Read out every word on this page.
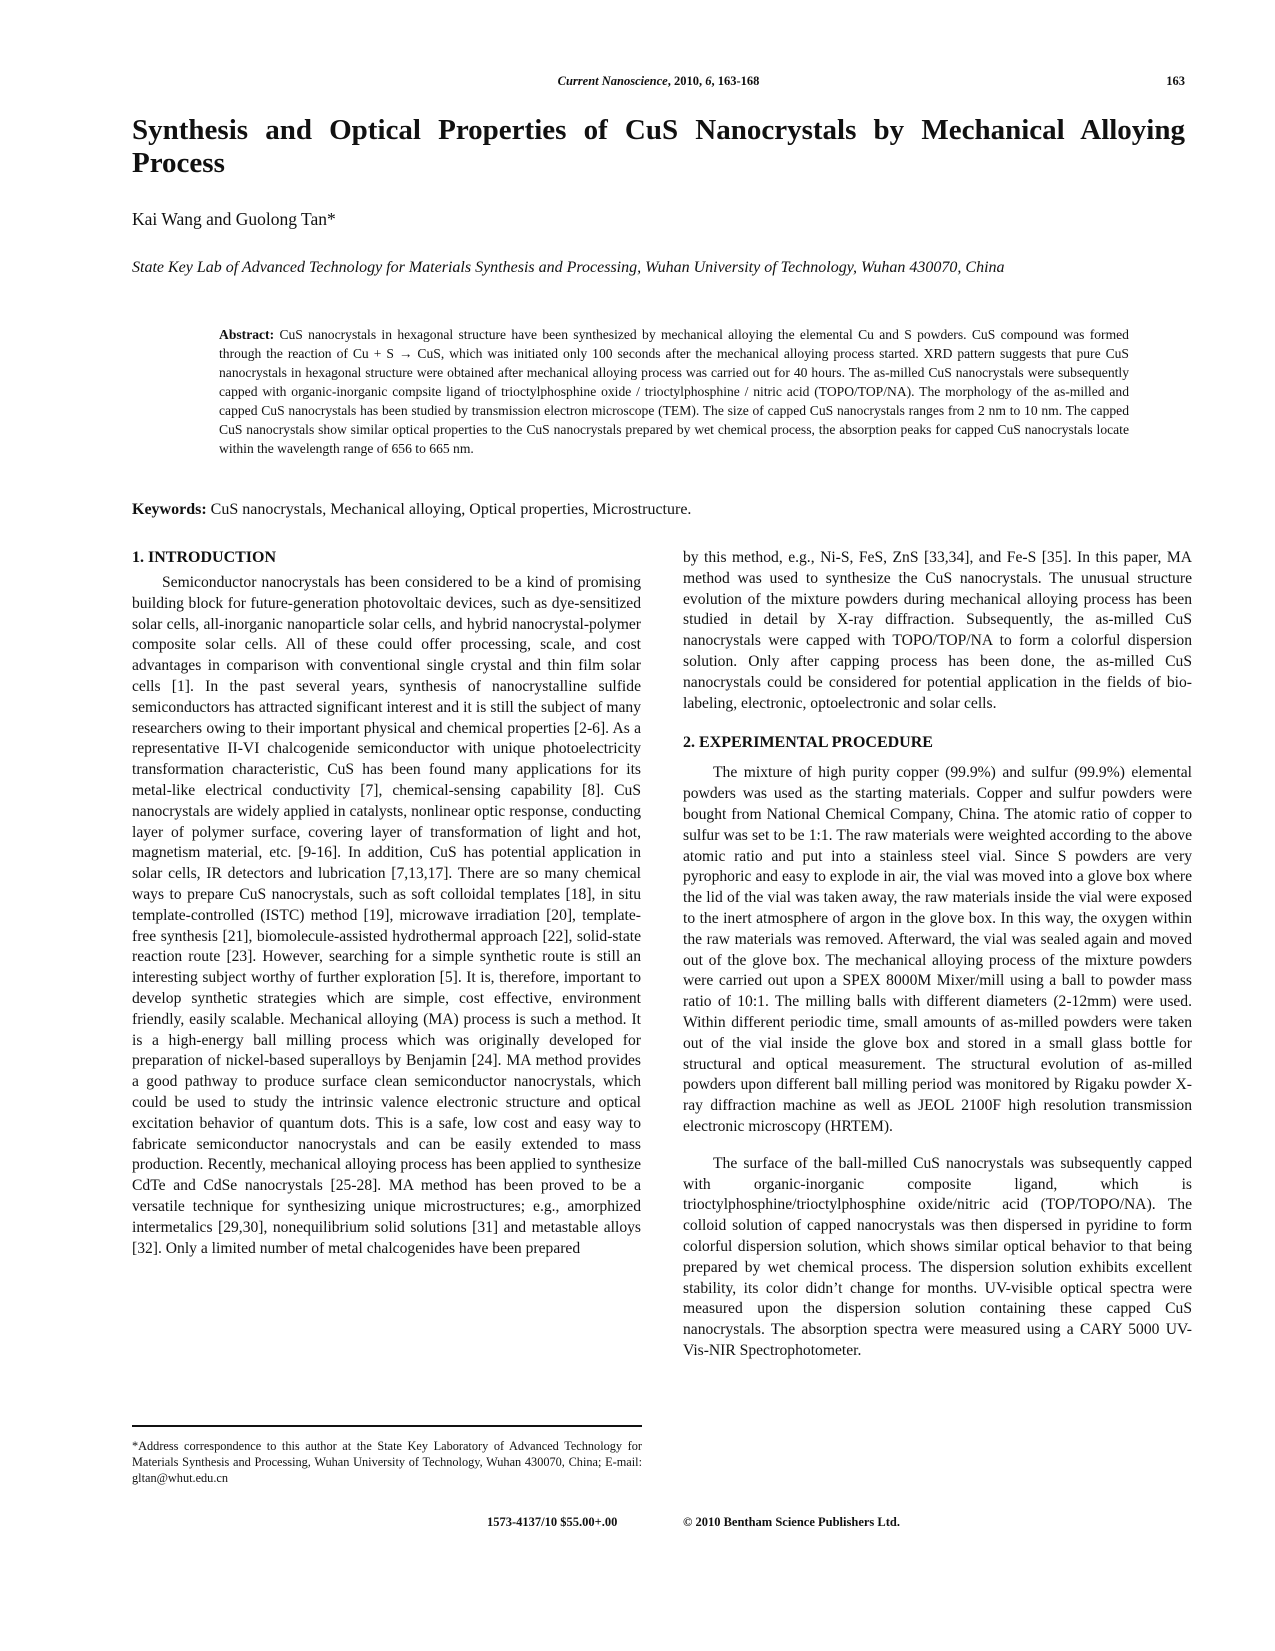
Current Nanoscience, 2010, 6, 163-168	163
Synthesis and Optical Properties of CuS Nanocrystals by Mechanical Alloying Process
Kai Wang and Guolong Tan*
State Key Lab of Advanced Technology for Materials Synthesis and Processing, Wuhan University of Technology, Wuhan 430070, China

Abstract: CuS nanocrystals in hexagonal structure have been synthesized by mechanical alloying the elemental Cu and S powders. CuS compound was formed through the reaction of Cu + S → CuS, which was initiated only 100 seconds after the mechanical alloying process started. XRD pattern suggests that pure CuS nanocrystals in hexagonal structure were obtained after mechanical alloying process was carried out for 40 hours. The as-milled CuS nanocrystals were subsequently capped with organic-inorganic compsite ligand of trioctylphosphine oxide / trioctylphosphine / nitric acid (TOPO/TOP/NA). The morphology of the as-milled and capped CuS nanocrystals has been studied by transmission electron microscope (TEM). The size of capped CuS nanocrystals ranges from 2 nm to 10 nm. The capped CuS nanocrystals show similar optical properties to the CuS nanocrystals prepared by wet chemical process, the absorption peaks for capped CuS nanocrystals locate within the wavelength range of 656 to 665 nm.

Keywords: CuS nanocrystals, Mechanical alloying, Optical properties, Microstructure.
1. INTRODUCTION

Semiconductor nanocrystals has been considered to be a kind of promising building block for future-generation photovoltaic devices, such as dye-sensitized solar cells, all-inorganic nanoparticle solar cells, and hybrid nanocrystal-polymer composite solar cells. All of these could offer processing, scale, and cost advantages in comparison with conventional single crystal and thin film solar cells [1]. In the past several years, synthesis of nanocrystalline sulfide semiconductors has attracted significant interest and it is still the subject of many researchers owing to their important physical and chemical properties [2-6]. As a representative II-VI chalcogenide semiconductor with unique photoelectricity transformation characteristic, CuS has been found many applications for its metal-like electrical conductivity [7], chemical-sensing capability [8]. CuS nanocrystals are widely applied in catalysts, nonlinear optic response, conducting layer of polymer surface, covering layer of transformation of light and hot, magnetism material, etc. [9-16]. In addition, CuS has potential application in solar cells, IR detectors and lubrication [7,13,17]. There are so many chemical ways to prepare CuS nanocrystals, such as soft colloidal templates [18], in situ template-controlled (ISTC) method [19], microwave irradiation [20], template-free synthesis [21], biomolecule-assisted hydrothermal approach [22], solid-state reaction route [23]. However, searching for a simple synthetic route is still an interesting subject worthy of further exploration [5]. It is, therefore, important to develop synthetic strategies which are simple, cost effective, environment friendly, easily scalable. Mechanical alloying (MA) process is such a method. It is a high-energy ball milling process which was originally developed for preparation of nickel-based superalloys by Benjamin [24]. MA method provides a good pathway to produce surface clean semiconductor nanocrystals, which could be used to study the intrinsic valence electronic structure and optical excitation behavior of quantum dots. This is a safe, low cost and easy way to fabricate semiconductor nanocrystals and can be easily extended to mass production. Recently, mechanical alloying process has been applied to synthesize CdTe and CdSe nanocrystals [25-28]. MA method has been proved to be a versatile technique for synthesizing unique microstructures; e.g., amorphized intermetalics [29,30], nonequilibrium solid solutions [31] and metastable alloys [32]. Only a limited number of metal chalcogenides have been prepared

by this method, e.g., Ni-S, FeS, ZnS [33,34], and Fe-S [35]. In this paper, MA method was used to synthesize the CuS nanocrystals. The unusual structure evolution of the mixture powders during mechanical alloying process has been studied in detail by X-ray diffraction. Subsequently, the as-milled CuS nanocrystals were capped with TOPO/TOP/NA to form a colorful dispersion solution. Only after capping process has been done, the as-milled CuS nanocrystals could be considered for potential application in the fields of bio-labeling, electronic, optoelectronic and solar cells.

2. EXPERIMENTAL PROCEDURE

The mixture of high purity copper (99.9%) and sulfur (99.9%) elemental powders was used as the starting materials. Copper and sulfur powders were bought from National Chemical Company, China. The atomic ratio of copper to sulfur was set to be 1:1. The raw materials were weighted according to the above atomic ratio and put into a stainless steel vial. Since S powders are very pyrophoric and easy to explode in air, the vial was moved into a glove box where the lid of the vial was taken away, the raw materials inside the vial were exposed to the inert atmosphere of argon in the glove box. In this way, the oxygen within the raw materials was removed. Afterward, the vial was sealed again and moved out of the glove box. The mechanical alloying process of the mixture powders were carried out upon a SPEX 8000M Mixer/mill using a ball to powder mass ratio of 10:1. The milling balls with different diameters (2-12mm) were used. Within different periodic time, small amounts of as-milled powders were taken out of the vial inside the glove box and stored in a small glass bottle for structural and optical measurement. The structural evolution of as-milled powders upon different ball milling period was monitored by Rigaku powder X-ray diffraction machine as well as JEOL 2100F high resolution transmission electronic microscopy (HRTEM).

The surface of the ball-milled CuS nanocrystals was subsequently capped with organic-inorganic composite ligand, which is trioctylphosphine/trioctylphosphine oxide/nitric acid (TOP/TOPO/NA). The colloid solution of capped nanocrystals was then dispersed in pyridine to form colorful dispersion solution, which shows similar optical behavior to that being prepared by wet chemical process. The dispersion solution exhibits excellent stability, its color didn’t change for months. UV-visible optical spectra were measured upon the dispersion solution containing these capped CuS nanocrystals. The absorption spectra were measured using a CARY 5000 UV-Vis-NIR Spectrophotometer.

*Address correspondence to this author at the State Key Laboratory of Advanced Technology for Materials Synthesis and Processing, Wuhan University of Technology, Wuhan 430070, China; E-mail: gltan@whut.edu.cn
1573-4137/10 $55.00+.00	© 2010 Bentham Science Publishers Ltd.
